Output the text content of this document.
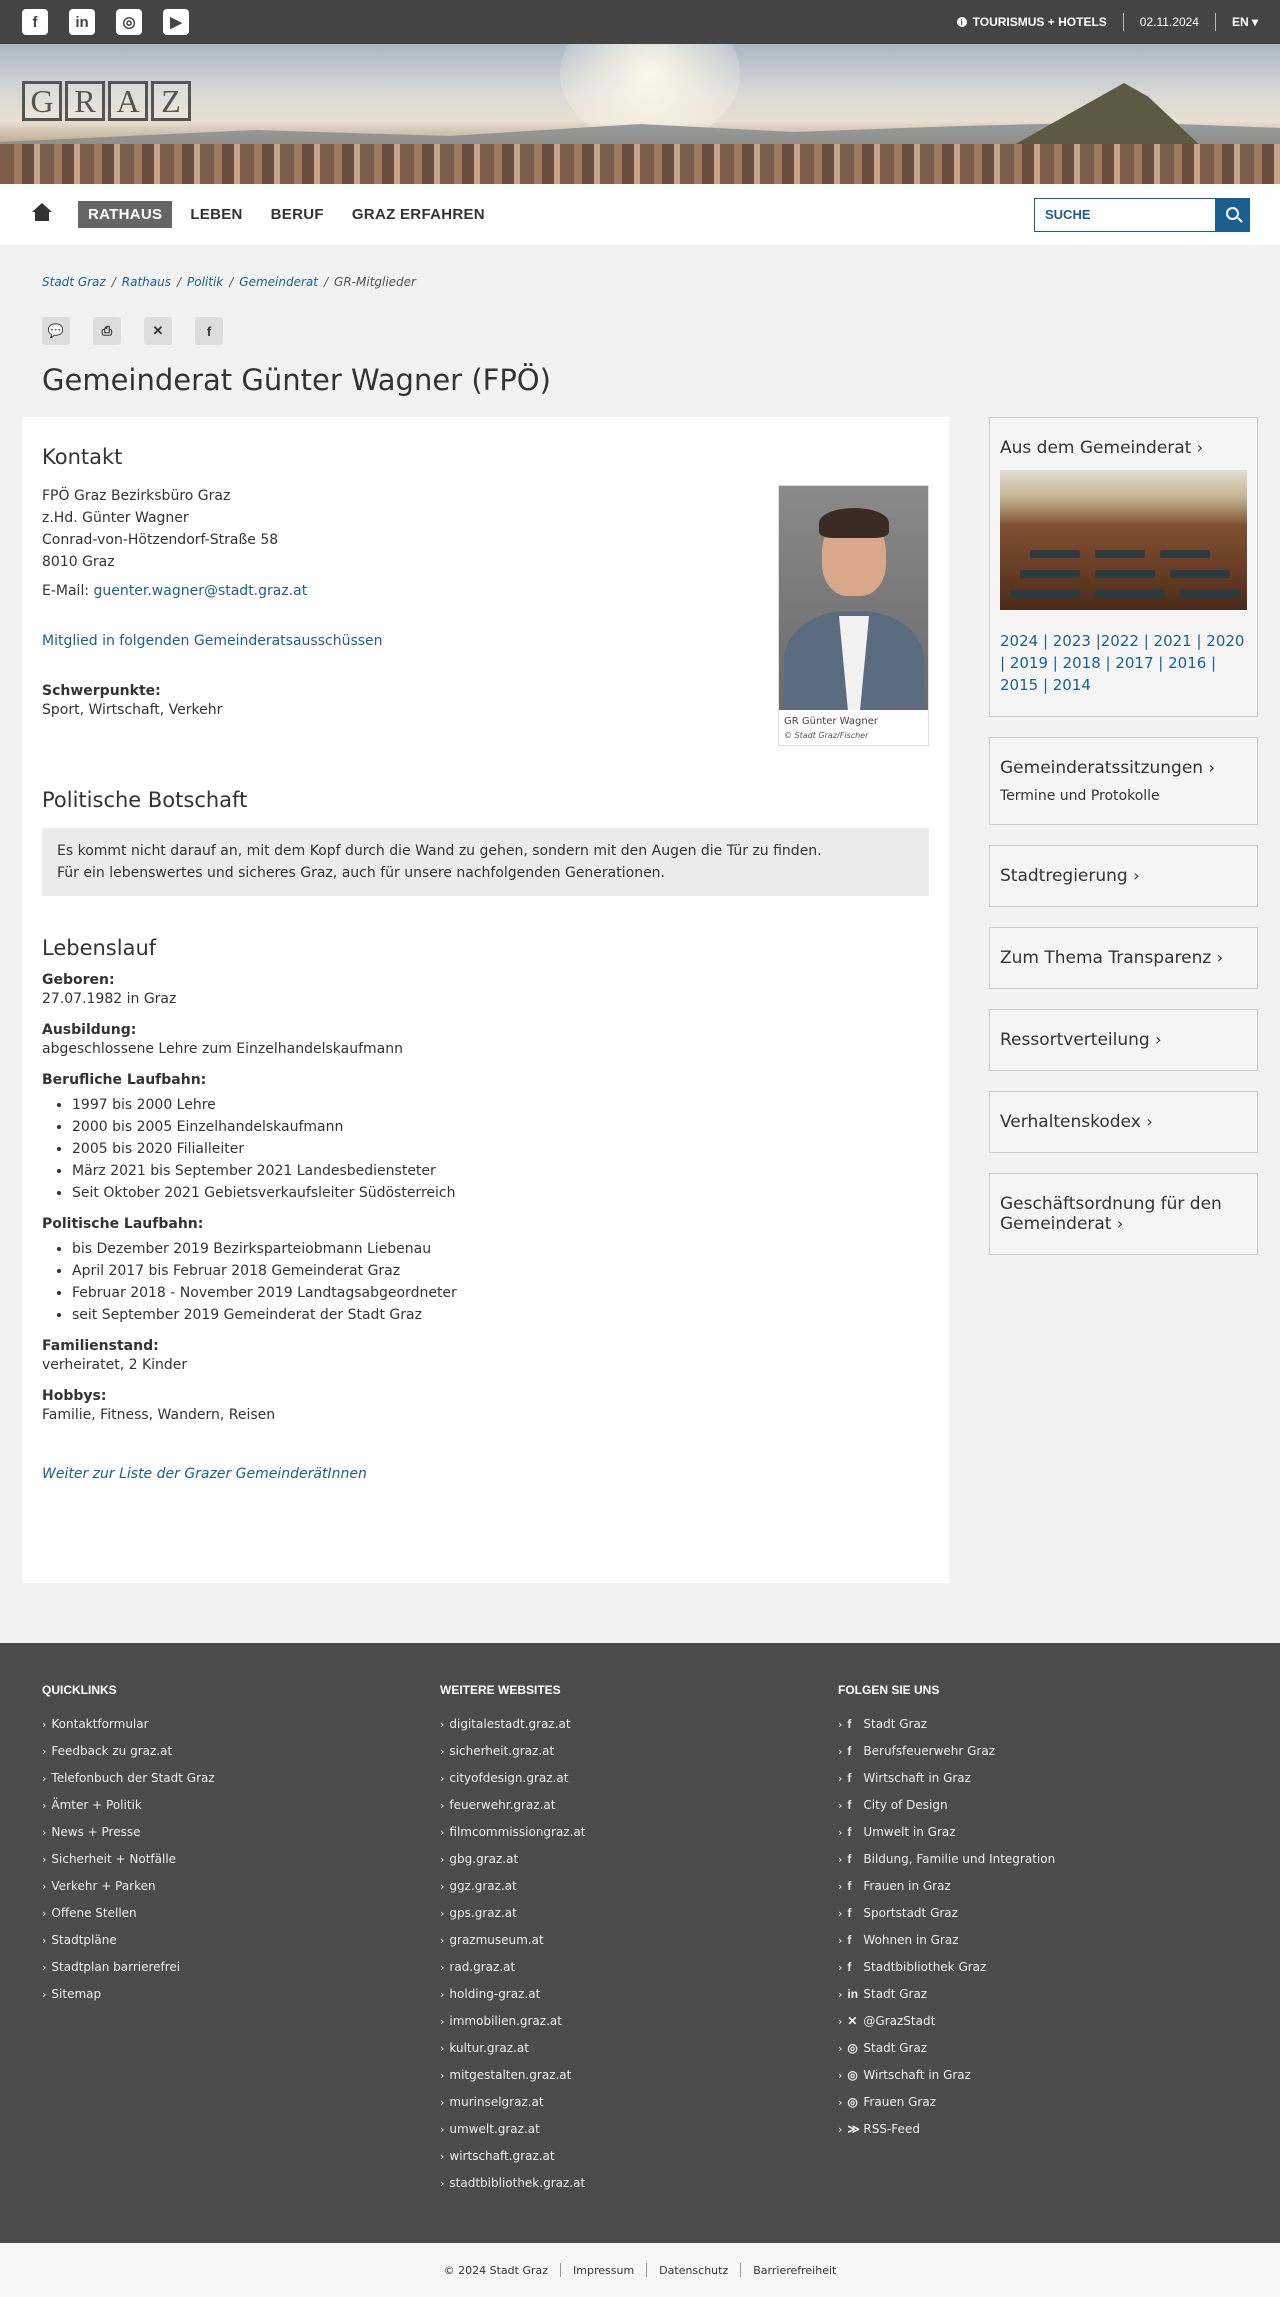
f	in	◎	▶	i TOURISMUS + HOTELS	02.11.2024	EN ▾
G R A Z
RATHAUS	LEBEN	BERUF	GRAZ ERFAHREN
SUCHE
Stadt Graz / Rathaus / Politik / Gemeinderat / GR-Mitglieder
💬	⎙	✕	f
Gemeinderat Günter Wagner (FPÖ)
Kontakt

FPÖ Graz Bezirksbüro Graz

z.Hd. Günter Wagner

Conrad-von-Hötzendorf-Straße 58

8010 Graz

E-Mail: guenter.wagner@stadt.graz.at
Mitglied in folgenden Gemeinderatsausschüssen
Schwerpunkte:
Sport, Wirtschaft, Verkehr
GR Günter Wagner
© Stadt Graz/Fischer
Politische Botschaft
Es kommt nicht darauf an, mit dem Kopf durch die Wand zu gehen, sondern mit den Augen die Tür zu finden.
Für ein lebenswertes und sicheres Graz, auch für unsere nachfolgenden Generationen.
Lebenslauf
Geboren:
27.07.1982 in Graz
Ausbildung:
abgeschlossene Lehre zum Einzelhandelskaufmann
Berufliche Laufbahn:
• 1997 bis 2000 Lehre
• 2000 bis 2005 Einzelhandelskaufmann
• 2005 bis 2020 Filialleiter
• März 2021 bis September 2021 Landesbediensteter
• Seit Oktober 2021 Gebietsverkaufsleiter Südösterreich
Politische Laufbahn:
• bis Dezember 2019 Bezirksparteiobmann Liebenau
• April 2017 bis Februar 2018 Gemeinderat Graz
• Februar 2018 - November 2019 Landtagsabgeordneter
• seit September 2019 Gemeinderat der Stadt Graz
Familienstand:
verheiratet, 2 Kinder
Hobbys:
Familie, Fitness, Wandern, Reisen
Weiter zur Liste der Grazer GemeinderätInnen
Aus dem Gemeinderat ›
2024 | 2023 |2022 | 2021 | 2020 | 2019 | 2018 | 2017 | 2016 | 2015 | 2014
Gemeinderatssitzungen ›
Termine und Protokolle
Stadtregierung ›
Zum Thema Transparenz ›
Ressortverteilung ›
Verhaltenskodex ›
Geschäftsordnung für den Gemeinderat ›
QUICKLINKS
› Kontaktformular
› Feedback zu graz.at
› Telefonbuch der Stadt Graz
› Ämter + Politik
› News + Presse
› Sicherheit + Notfälle
› Verkehr + Parken
› Offene Stellen
› Stadtpläne
› Stadtplan barrierefrei
› Sitemap
WEITERE WEBSITES
› digitalestadt.graz.at
› sicherheit.graz.at
› cityofdesign.graz.at
› feuerwehr.graz.at
› filmcommissiongraz.at
› gbg.graz.at
› ggz.graz.at
› gps.graz.at
› grazmuseum.at
› rad.graz.at
› holding-graz.at
› immobilien.graz.at
› kultur.graz.at
› mitgestalten.graz.at
› murinselgraz.at
› umwelt.graz.at
› wirtschaft.graz.at
› stadtbibliothek.graz.at
FOLGEN SIE UNS
› f Stadt Graz
› f Berufsfeuerwehr Graz
› f Wirtschaft in Graz
› f City of Design
› f Umwelt in Graz
› f Bildung, Familie und Integration
› f Frauen in Graz
› f Sportstadt Graz
› f Wohnen in Graz
› f Stadtbibliothek Graz
› in Stadt Graz
› ✕ @GrazStadt
› ◎ Stadt Graz
› ◎ Wirtschaft in Graz
› ◎ Frauen Graz
› ≫ RSS-Feed
© 2024 Stadt Graz Impressum Datenschutz Barrierefreiheit
